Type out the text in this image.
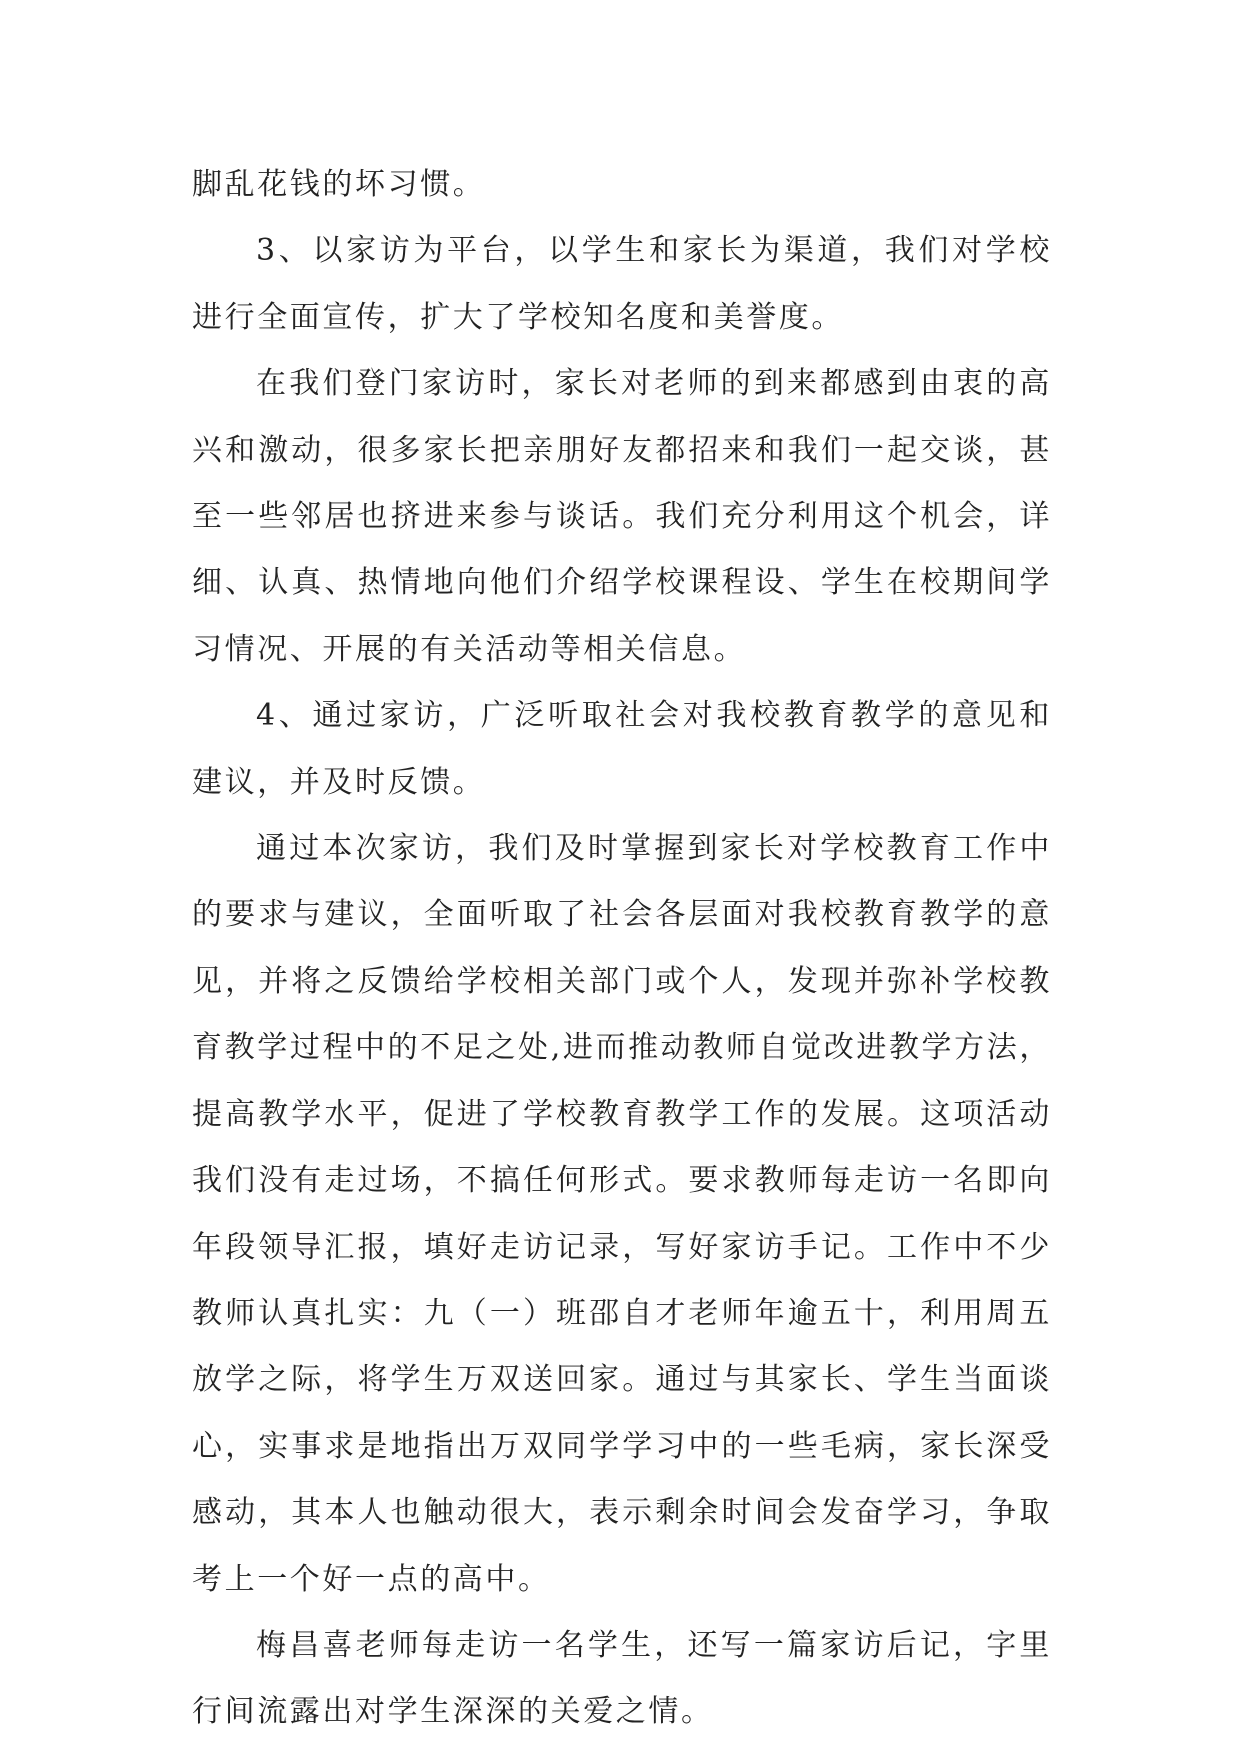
脚乱花钱的坏习惯。

3、以家访为平台，以学生和家长为渠道，我们对学校进行全面宣传，扩大了学校知名度和美誉度。

在我们登门家访时，家长对老师的到来都感到由衷的高兴和激动，很多家长把亲朋好友都招来和我们一起交谈，甚至一些邻居也挤进来参与谈话。我们充分利用这个机会，详细、认真、热情地向他们介绍学校课程设、学生在校期间学习情况、开展的有关活动等相关信息。

4、通过家访，广泛听取社会对我校教育教学的意见和建议，并及时反馈。

通过本次家访，我们及时掌握到家长对学校教育工作中的要求与建议，全面听取了社会各层面对我校教育教学的意见，并将之反馈给学校相关部门或个人，发现并弥补学校教育教学过程中的不足之处,进而推动教师自觉改进教学方法，提高教学水平，促进了学校教育教学工作的发展。这项活动我们没有走过场，不搞任何形式。要求教师每走访一名即向年段领导汇报，填好走访记录，写好家访手记。工作中不少教师认真扎实：九（一）班邵自才老师年逾五十，利用周五放学之际，将学生万双送回家。通过与其家长、学生当面谈心，实事求是地指出万双同学学习中的一些毛病，家长深受感动，其本人也触动很大，表示剩余时间会发奋学习，争取考上一个好一点的高中。

梅昌喜老师每走访一名学生，还写一篇家访后记，字里行间流露出对学生深深的关爱之情。
